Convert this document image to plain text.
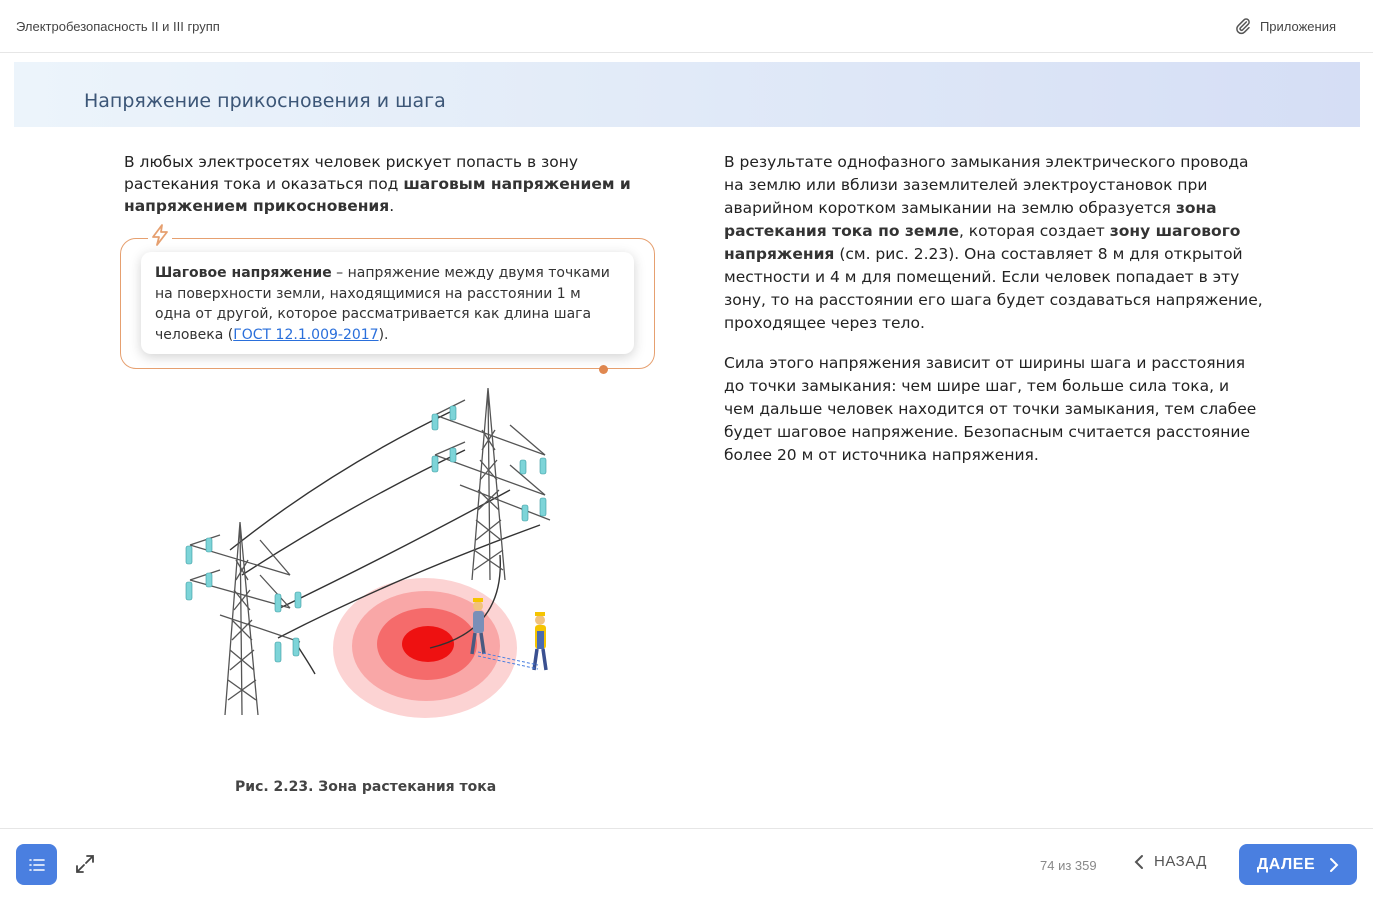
Электробезопасность II и III групп	Приложения
Напряжение прикосновения и шага
В любых электросетях человек рискует попасть в зону растекания тока и оказаться под шаговым напряжением и напряжением прикосновения.
Шаговое напряжение – напряжение между двумя точками на поверхности земли, находящимися на расстоянии 1 м одна от другой, которое рассматривается как длина шага человека (ГОСТ 12.1.009-2017).
Рис. 2.23. Зона растекания тока

В результате однофазного замыкания электрического провода на землю или вблизи заземлителей электроустановок при аварийном коротком замыкании на землю образуется зона растекания тока по земле, которая создает зону шагового напряжения (см. рис. 2.23). Она составляет 8 м для открытой местности и 4 м для помещений. Если человек попадает в эту зону, то на расстоянии его шага будет создаваться напряжение, проходящее через тело.

Сила этого напряжения зависит от ширины шага и расстояния до точки замыкания: чем шире шаг, тем больше сила тока, и чем дальше человек находится от точки замыкания, тем слабее будет шаговое напряжение. Безопасным считается расстояние более 20 м от источника напряжения.

74 из 359	НАЗАД	ДАЛЕЕ
